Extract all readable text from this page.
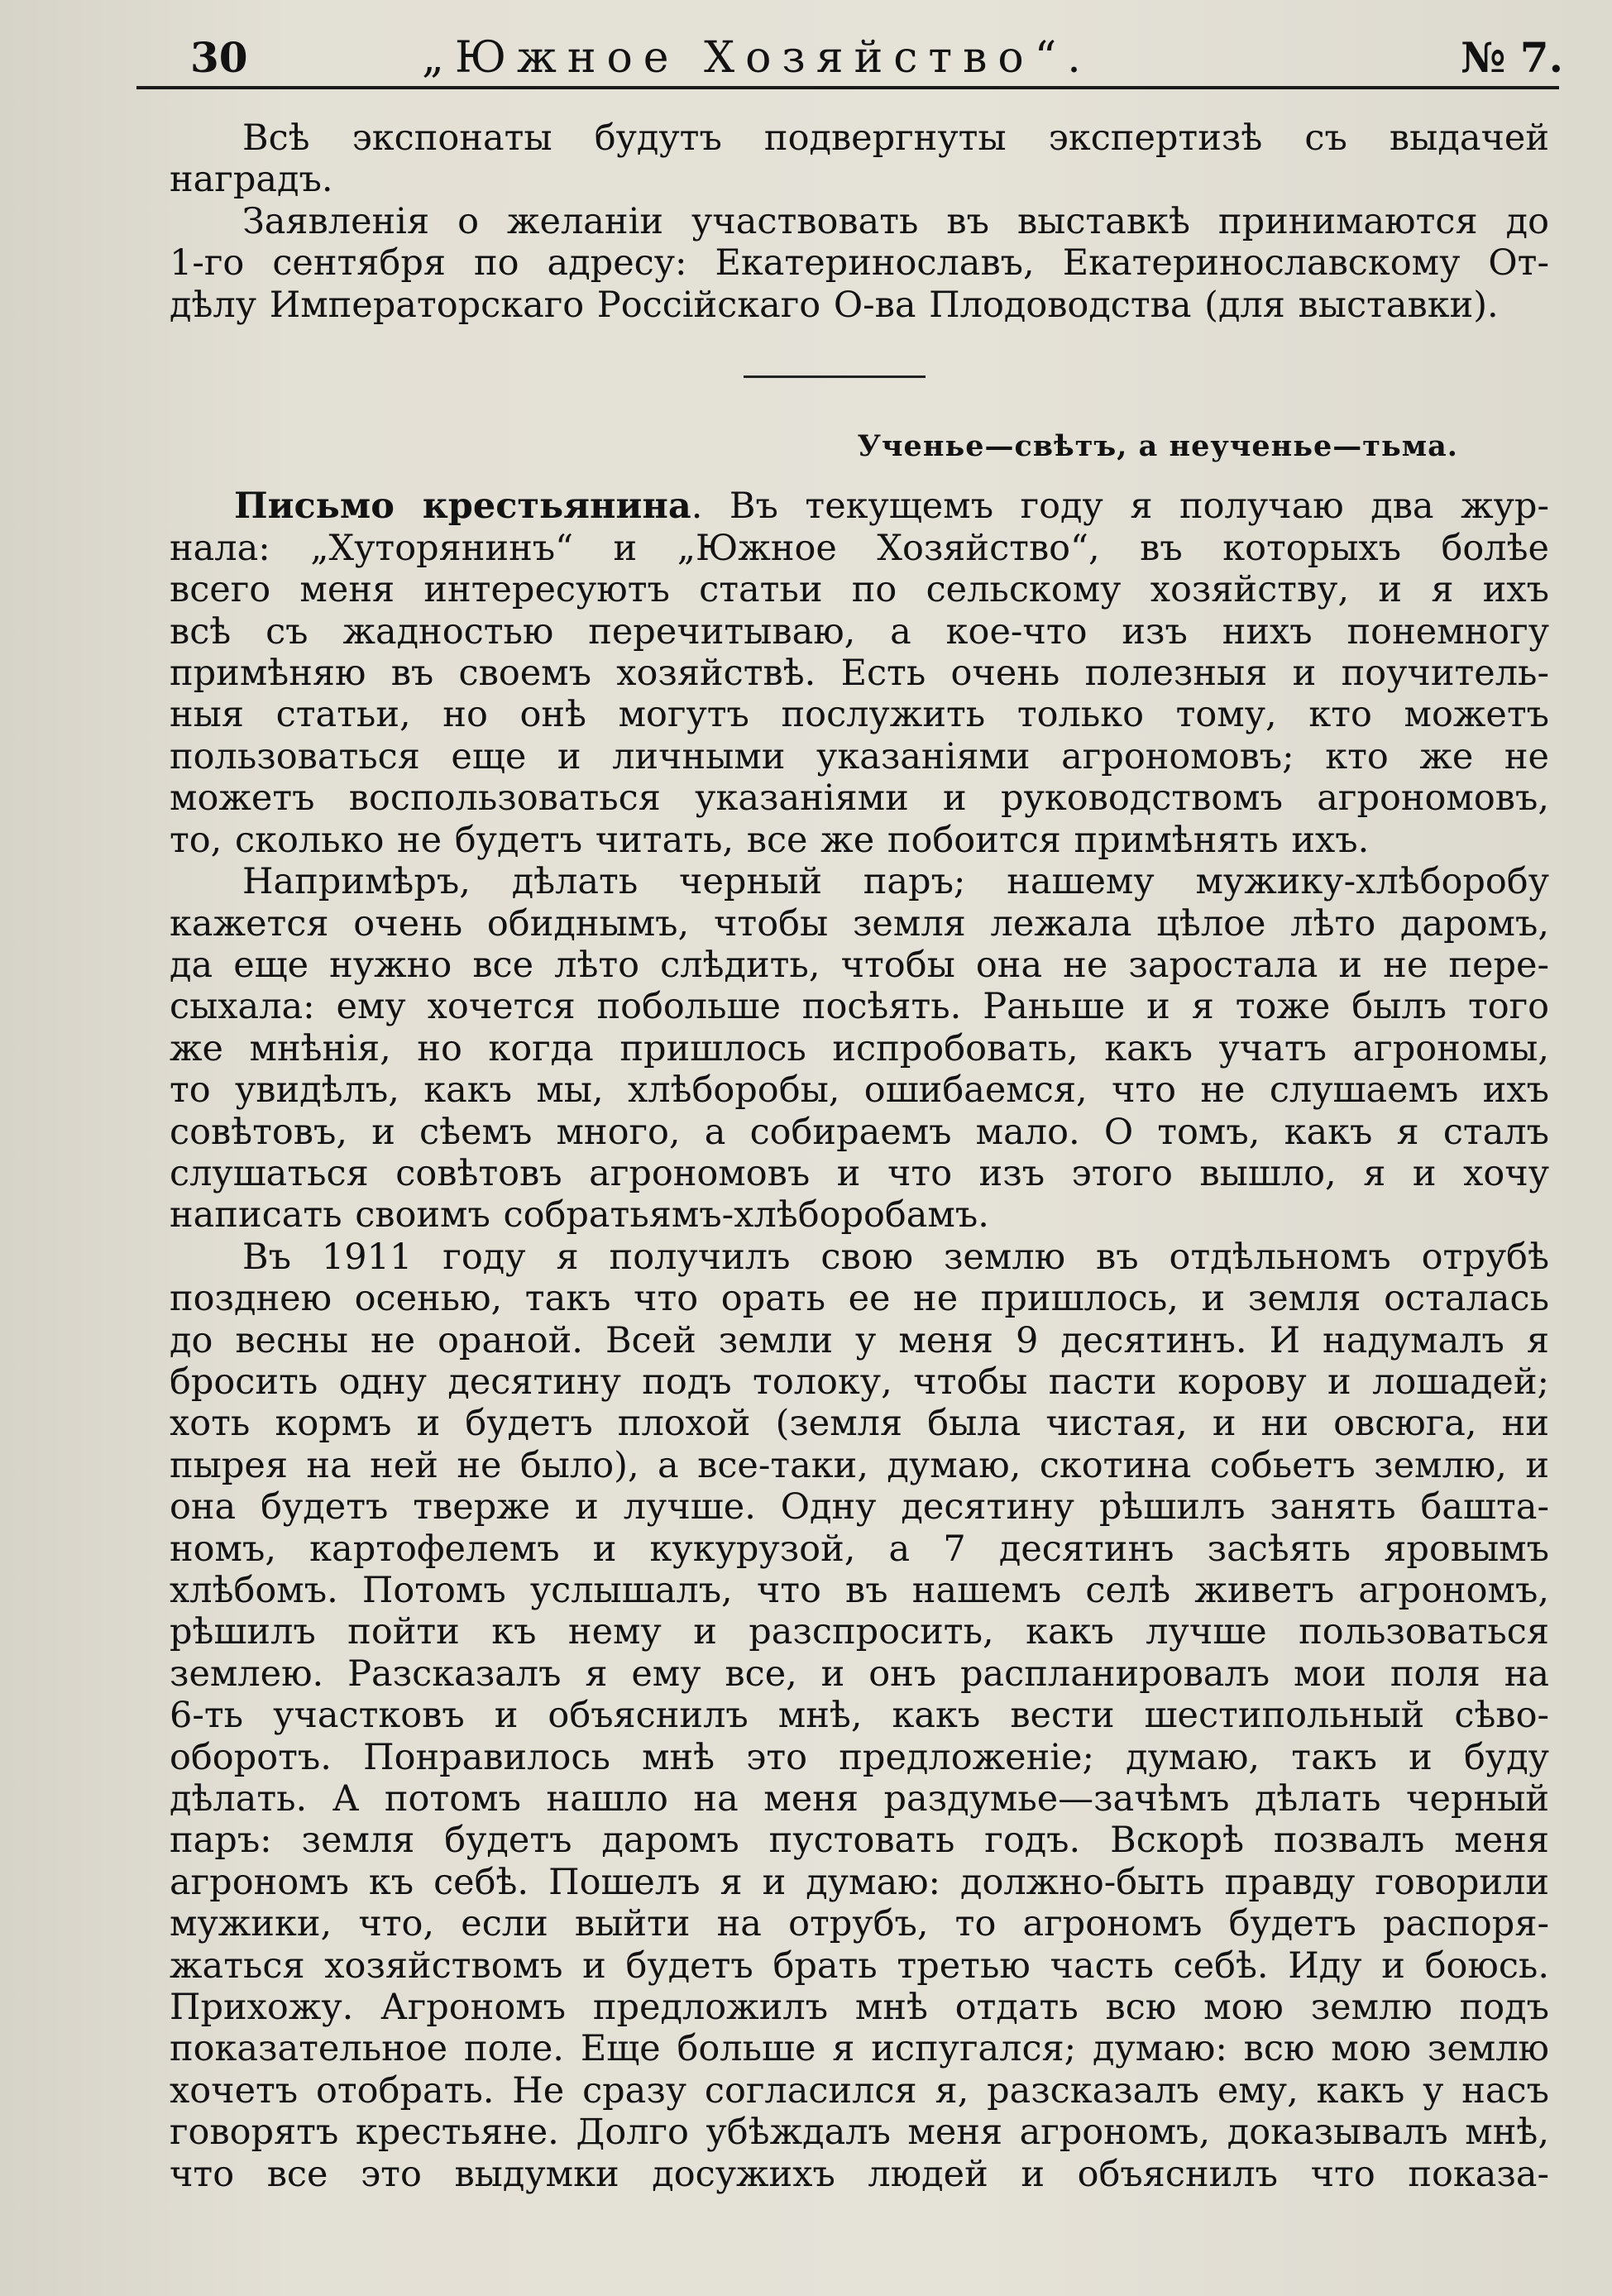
30	„Южное Хозяйство“.	№ 7.
Всѣ экспонаты будутъ подвергнуты экспертизѣ съ выдачей
наградъ.
Заявленія о желаніи участвовать въ выставкѣ принимаются до
1-го сентября по адресу: Екатеринославъ, Екатеринославскому От-
дѣлу Императорскаго Россійскаго О-ва Плодоводства (для выставки).
Ученье—свѣтъ, а неученье—тьма.
Письмо крестьянина. Въ текущемъ году я получаю два жур-
нала: „Хуторянинъ“ и „Южное Хозяйство“, въ которыхъ болѣе
всего меня интересуютъ статьи по сельскому хозяйству, и я ихъ
всѣ съ жадностью перечитываю, а кое-что изъ нихъ понемногу
примѣняю въ своемъ хозяйствѣ. Есть очень полезныя и поучитель-
ныя статьи, но онѣ могутъ послужить только тому, кто можетъ
пользоваться еще и личными указаніями агрономовъ; кто же не
можетъ воспользоваться указаніями и руководствомъ агрономовъ,
то, сколько не будетъ читать, все же побоится примѣнять ихъ.
Напримѣръ, дѣлать черный паръ; нашему мужику-хлѣборобу
кажется очень обиднымъ, чтобы земля лежала цѣлое лѣто даромъ,
да еще нужно все лѣто слѣдить, чтобы она не заростала и не пере-
сыхала: ему хочется побольше посѣять. Раньше и я тоже былъ того
же мнѣнія, но когда пришлось испробовать, какъ учатъ агрономы,
то увидѣлъ, какъ мы, хлѣборобы, ошибаемся, что не слушаемъ ихъ
совѣтовъ, и сѣемъ много, а собираемъ мало. О томъ, какъ я сталъ
слушаться совѣтовъ агрономовъ и что изъ этого вышло, я и хочу
написать своимъ собратьямъ-хлѣборобамъ.
Въ 1911 году я получилъ свою землю въ отдѣльномъ отрубѣ
позднею осенью, такъ что орать ее не пришлось, и земля осталась
до весны не ораной. Всей земли у меня 9 десятинъ. И надумалъ я
бросить одну десятину подъ толоку, чтобы пасти корову и лошадей;
хоть кормъ и будетъ плохой (земля была чистая, и ни овсюга, ни
пырея на ней не было), а все-таки, думаю, скотина собьетъ землю, и
она будетъ тверже и лучше. Одну десятину рѣшилъ занять башта-
номъ, картофелемъ и кукурузой, а 7 десятинъ засѣять яровымъ
хлѣбомъ. Потомъ услышалъ, что въ нашемъ селѣ живетъ агрономъ,
рѣшилъ пойти къ нему и разспросить, какъ лучше пользоваться
землею. Разсказалъ я ему все, и онъ распланировалъ мои поля на
6-ть участковъ и объяснилъ мнѣ, какъ вести шестипольный сѣво-
оборотъ. Понравилось мнѣ это предложеніе; думаю, такъ и буду
дѣлать. А потомъ нашло на меня раздумье—зачѣмъ дѣлать черный
паръ: земля будетъ даромъ пустовать годъ. Вскорѣ позвалъ меня
агрономъ къ себѣ. Пошелъ я и думаю: должно-быть правду говорили
мужики, что, если выйти на отрубъ, то агрономъ будетъ распоря-
жаться хозяйствомъ и будетъ брать третью часть себѣ. Иду и боюсь.
Прихожу. Агрономъ предложилъ мнѣ отдать всю мою землю подъ
показательное поле. Еще больше я испугался; думаю: всю мою землю
хочетъ отобрать. Не сразу согласился я, разсказалъ ему, какъ у насъ
говорятъ крестьяне. Долго убѣждалъ меня агрономъ, доказывалъ мнѣ,
что все это выдумки досужихъ людей и объяснилъ что показа-
